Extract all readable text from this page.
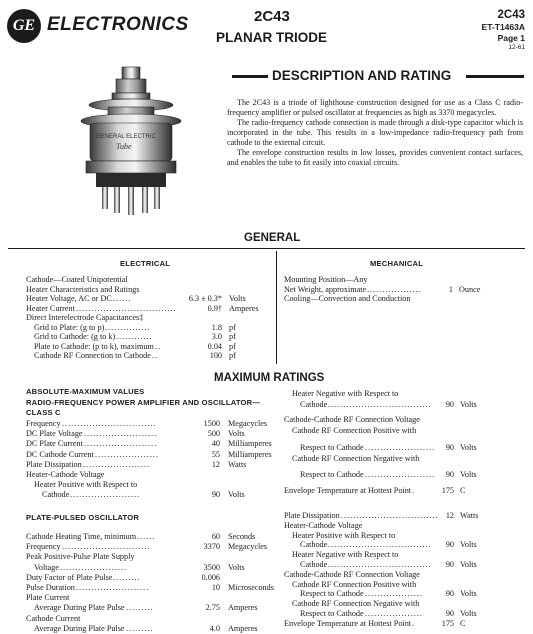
GE ELECTRONICS	2C43
PLANAR TRIODE
2C43
ET-T1463A
Page 1
12-61
GENERAL ELECTRIC
Tube
DESCRIPTION AND RATING

The 2C43 is a triode of lighthouse construction designed for use as a Class C radio-frequency amplifier or pulsed oscillator at frequencies as high as 3370 megacycles.

The radio-frequency cathode connection is made through a disk-type capacitor which is incorporated in the tube. This results in a low-impedance radio-frequency path from cathode to the external circuit.

The envelope construction results in low losses, provides convenient contact surfaces, and enables the tube to fit easily into coaxial circuits.

GENERAL
ELECTRICAL	MECHANICAL
Cathode—Coated Unipotential
Heater Characteristics and Ratings
Heater Voltage, AC or DC ......	6.3 ± 0.3* Volts
Heater Current .................................	0.9† Amperes
Direct Interelectrode Capacitances‡
Grid to Plate: (g to p) ...............	1.8 pf
Grid to Cathode: (g to k) ............	3.0 pf
Plate to Cathode: (p to k), maximum ..	0.04 pf
Cathode RF Connection to Cathode ..	100 pf
Mounting Position—Any
Net Weight, approximate ..................	1 Ounce
Cooling—Convection and Conduction
MAXIMUM RATINGS
ABSOLUTE-MAXIMUM VALUES
RADIO-FREQUENCY POWER AMPLIFIER AND OSCILLATOR—
CLASS C
Frequency ...............................	1500 Megacycles
DC Plate Voltage ........................	500 Volts
DC Plate Current ........................	40 Milliamperes
DC Cathode Current .....................	55 Milliamperes
Plate Dissipation ......................	12 Watts
Heater-Cathode Voltage
Heater Positive with Respect to
Cathode .......................	90 Volts
Heater Negative with Respect to
Cathode .................................. 90 Volts
Cathode-Cathode RF Connection Voltage
Cathode RF Connection Positive with
Respect to Cathode ....................... 90 Volts
Cathode RF Connection Negative with
Respect to Cathode ....................... 90 Volts
Envelope Temperature at Hottest Point .	175 C
PLATE-PULSED OSCILLATOR
Cathode Heating Time, minimum ......	60 Seconds
Frequency .............................	3370 Megacycles
Peak Positive-Pulse Plate Supply
Voltage ......................	3500 Volts
Duty Factor of Plate Pulse .........	0.006
Pulse Duration ........................	10 Microseconds
Plate Current
Average During Plate Pulse .........	2.75 Amperes
Cathode Current
Average During Plate Pulse .........	4.0 Amperes
Plate Dissipation ................................ 12 Watts
Heater-Cathode Voltage
Heater Positive with Respect to
Cathode .................................. 90 Volts
Heater Negative with Respect to
Cathode .................................. 90 Volts
Cathode-Cathode RF Connection Voltage
Cathode RF Connection Positive with
Respect to Cathode ...................	90 Volts
Cathode RF Connection Negative with
Respect to Cathode ...................	90 Volts
Envelope Temperature at Hottest Point .	175 C
